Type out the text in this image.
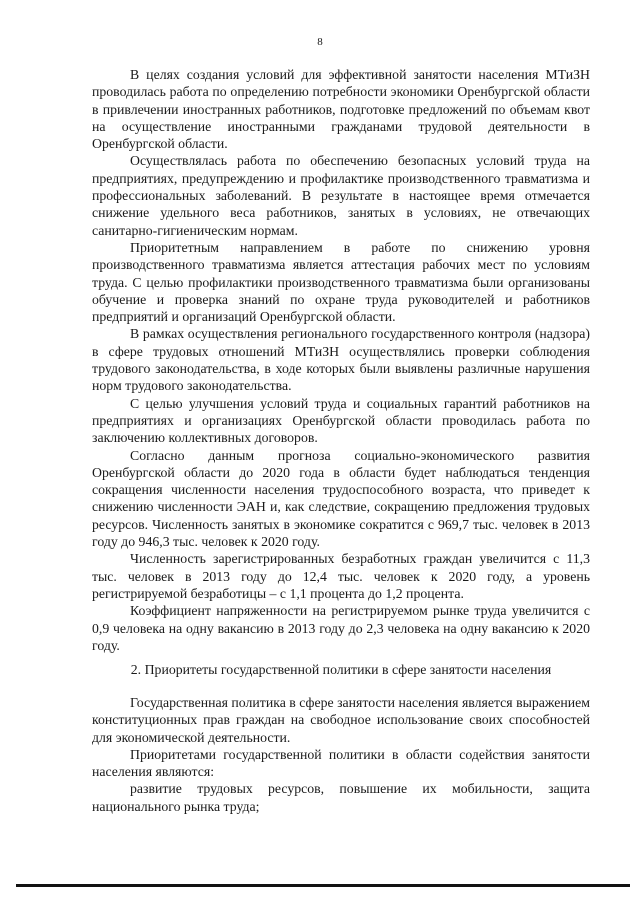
8

В целях создания условий для эффективной занятости населения МТиЗН проводилась работа по определению потребности экономики Оренбургской области в привлечении иностранных работников, подготовке предложений по объемам квот на осуществление иностранными гражданами трудовой деятельности в Оренбургской области.

Осуществлялась работа по обеспечению безопасных условий труда на предприятиях, предупреждению и профилактике производственного травматизма и профессиональных заболеваний. В результате в настоящее время отмечается снижение удельного веса работников, занятых в условиях, не отвечающих санитарно-гигиеническим нормам.

Приоритетным направлением в работе по снижению уровня производственного травматизма является аттестация рабочих мест по условиям труда. С целью профилактики производственного травматизма были организованы обучение и проверка знаний по охране труда руководителей и работников предприятий и организаций Оренбургской области.

В рамках осуществления регионального государственного контроля (надзора) в сфере трудовых отношений МТиЗН осуществлялись проверки соблюдения трудового законодательства, в ходе которых были выявлены различные нарушения норм трудового законодательства.

С целью улучшения условий труда и социальных гарантий работников на предприятиях и организациях Оренбургской области проводилась работа по заключению коллективных договоров.

Согласно данным прогноза социально-экономического развития Оренбургской области до 2020 года в области будет наблюдаться тенденция сокращения численности населения трудоспособного возраста, что приведет к снижению численности ЭАН и, как следствие, сокращению предложения трудовых ресурсов. Численность занятых в экономике сократится с 969,7 тыс. человек в 2013 году до 946,3 тыс. человек к 2020 году.

Численность зарегистрированных безработных граждан увеличится с 11,3 тыс. человек в 2013 году до 12,4 тыс. человек к 2020 году, а уровень регистрируемой безработицы – с 1,1 процента до 1,2 процента.

Коэффициент напряженности на регистрируемом рынке труда увеличится с 0,9 человека на одну вакансию в 2013 году до 2,3 человека на одну вакансию к 2020 году.

2. Приоритеты государственной политики в сфере занятости населения

Государственная политика в сфере занятости населения является выражением конституционных прав граждан на свободное использование своих способностей для экономической деятельности.

Приоритетами государственной политики в области содействия занятости населения являются:

развитие трудовых ресурсов, повышение их мобильности, защита национального рынка труда;
